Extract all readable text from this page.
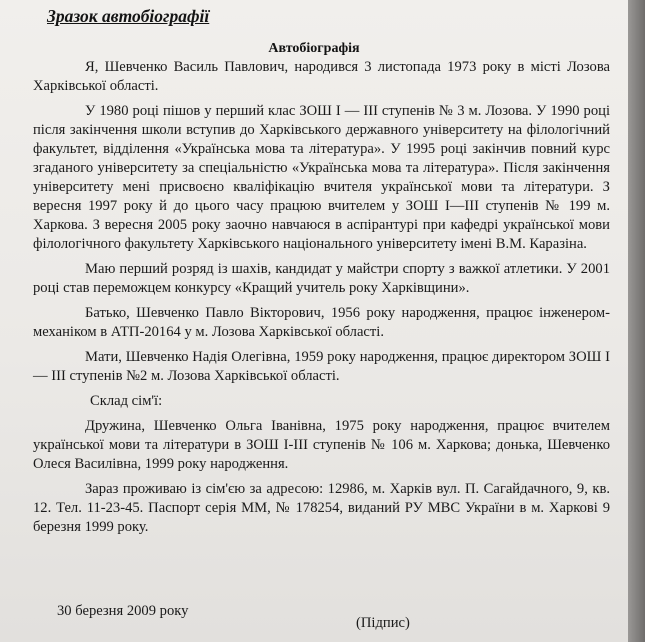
Зразок автобіографії
Автобіографія

Я, Шевченко Василь Павлович, народився 3 листопада 1973 року в місті Лозова Харківської області.

У 1980 році пішов у перший клас ЗОШ І — ІІІ ступенів № 3 м. Лозова. У 1990 році після закінчення школи вступив до Харківського державного університету на філологічний факультет, відділення «Українська мова та література». У 1995 році закінчив повний курс згаданого університету за спеціальністю «Українська мова та література». Після закінчення університету мені присвоєно кваліфікацію вчителя української мови та літератури. З вересня 1997 року й до цього часу працюю вчителем у ЗОШ І—ІІІ ступенів № 199 м. Харкова. З вересня 2005 року заочно навчаюся в аспірантурі при кафедрі української мови філологічного факультету Харківського національного університету імені В.М. Каразіна.

Маю перший розряд із шахів, кандидат у майстри спорту з важкої атлетики. У 2001 році став переможцем конкурсу «Кращий учитель року Харківщини».

Батько, Шевченко Павло Вікторович, 1956 року народження, працює інженером-механіком в АТП-20164 у м. Лозова Харківської області.

Мати, Шевченко Надія Олегівна, 1959 року народження, працює директором ЗОШ І — ІІІ ступенів №2 м. Лозова Харківської області.

Склад сім'ї:

Дружина, Шевченко Ольга Іванівна, 1975 року народження, працює вчителем української мови та літератури в ЗОШ І-ІІІ ступенів № 106 м. Харкова; донька, Шевченко Олеся Василівна, 1999 року народження.

Зараз проживаю із сім'єю за адресою: 12986, м. Харків вул. П. Сагайдачного, 9, кв. 12. Тел. 11-23-45. Паспорт серія ММ, № 178254, виданий РУ МВС України в м. Харкові 9 березня 1999 року.

30 березня 2009 року
(Підпис)
